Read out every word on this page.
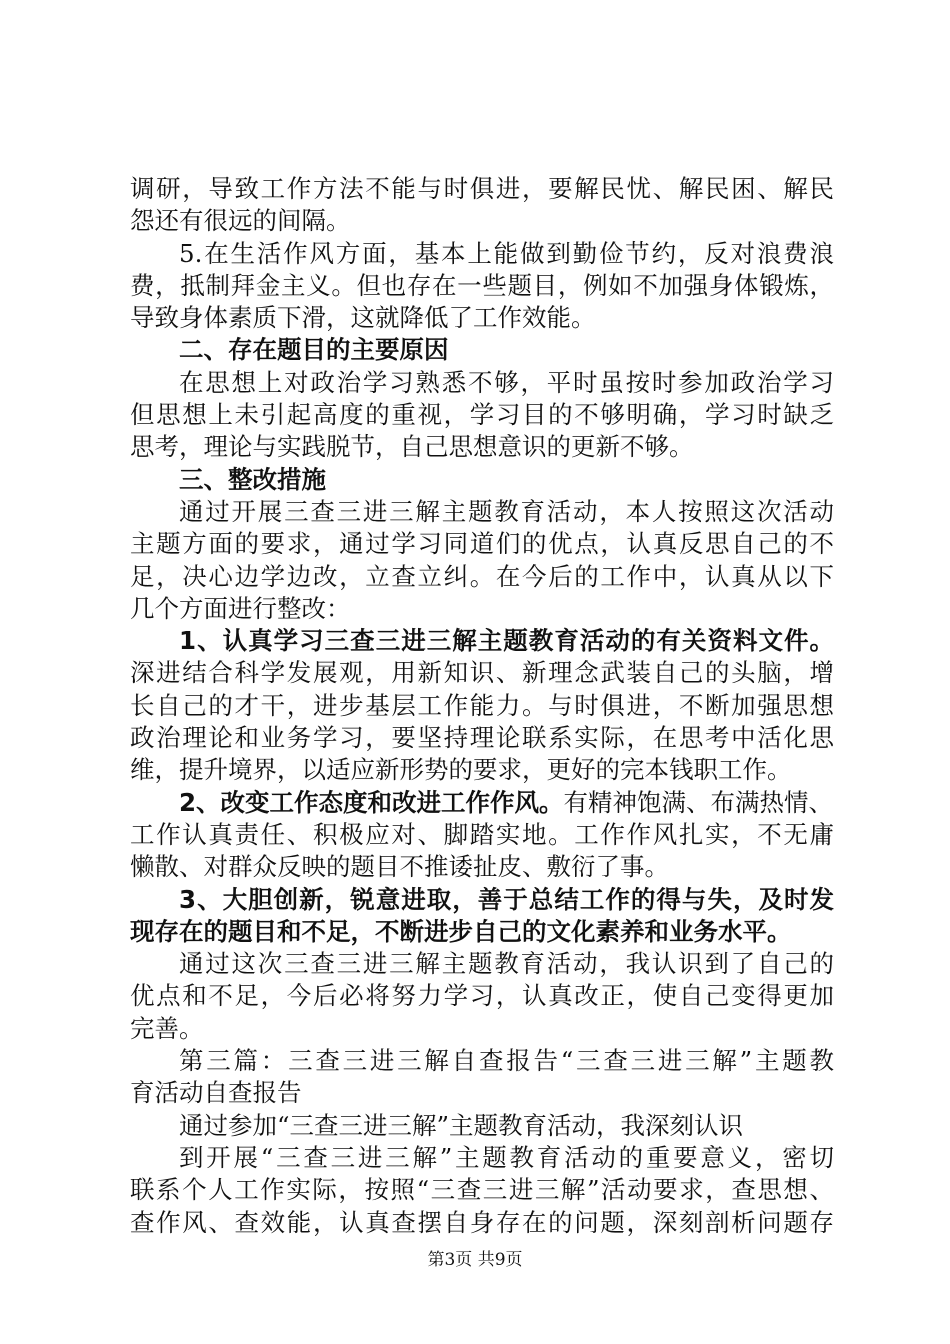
调研，导致工作方法不能与时俱进，要解民忧、解民困、解民
怨还有很远的间隔。
5.在生活作风方面，基本上能做到勤俭节约，反对浪费浪
费，抵制拜金主义。但也存在一些题目，例如不加强身体锻炼，
导致身体素质下滑，这就降低了工作效能。
二、存在题目的主要原因
在思想上对政治学习熟悉不够，平时虽按时参加政治学习
但思想上未引起高度的重视，学习目的不够明确，学习时缺乏
思考，理论与实践脱节，自己思想意识的更新不够。
三、整改措施
通过开展三查三进三解主题教育活动，本人按照这次活动
主题方面的要求，通过学习同道们的优点，认真反思自己的不
足，决心边学边改，立查立纠。在今后的工作中，认真从以下
几个方面进行整改：
1、认真学习三查三进三解主题教育活动的有关资料文件。
深进结合科学发展观，用新知识、新理念武装自己的头脑，增
长自己的才干，进步基层工作能力。与时俱进，不断加强思想
政治理论和业务学习，要坚持理论联系实际，在思考中活化思
维，提升境界，以适应新形势的要求，更好的完本钱职工作。
2、改变工作态度和改进工作作风。有精神饱满、布满热情、
工作认真责任、积极应对、脚踏实地。工作作风扎实，不无庸
懒散、对群众反映的题目不推诿扯皮、敷衍了事。
3、大胆创新，锐意进取，善于总结工作的得与失，及时发
现存在的题目和不足，不断进步自己的文化素养和业务水平。
通过这次三查三进三解主题教育活动，我认识到了自己的
优点和不足，今后必将努力学习，认真改正，使自己变得更加
完善。
第三篇：三查三进三解自查报告“三查三进三解”主题教
育活动自查报告
通过参加“三查三进三解”主题教育活动，我深刻认识
到开展“三查三进三解”主题教育活动的重要意义，密切
联系个人工作实际，按照“三查三进三解”活动要求，查思想、
查作风、查效能，认真查摆自身存在的问题，深刻剖析问题存
第3页 共9页
